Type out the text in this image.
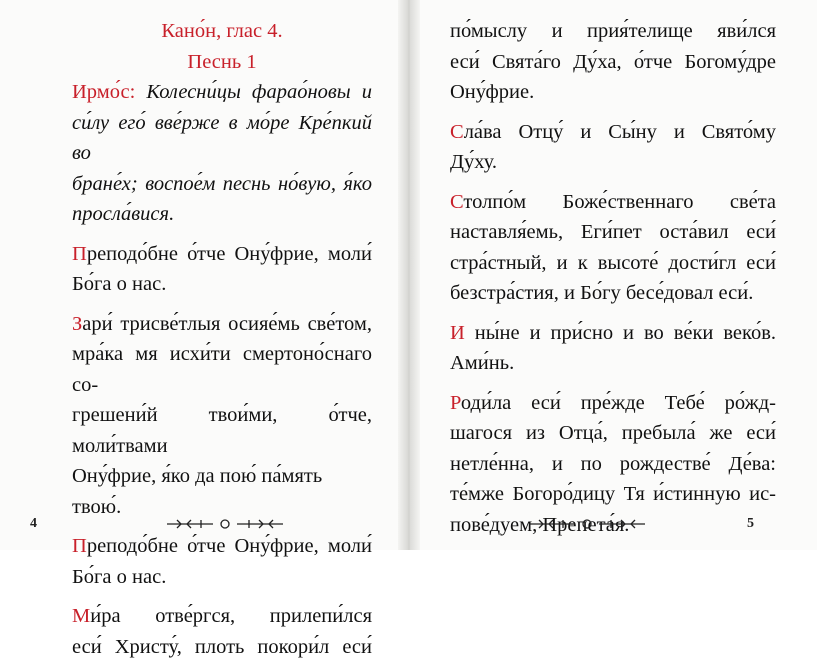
Кано́н, глас 4.
Песнь 1

Ирмо́с: Колесни́цы фарао́новы и
си́лу его́ вве́рже в мо́ре Кре́пкий во
бране́х; воспое́м песнь но́вую, я́ко
просла́вися.

Преподо́бне о́тче Ону́фрие, моли́
Бо́га о нас.

Зари́ трисве́тлыя осияе́мь све́том,
мра́ка мя исхи́ти смертоно́снаго со-
грешени́й твои́ми, о́тче, моли́твами
Ону́фрие, я́ко да пою́ па́мять твою́.

Преподо́бне о́тче Ону́фрие, моли́
Бо́га о нас.

Ми́ра отве́ргся, прилепи́лся
еси́ Христу́, плоть покори́л еси́

4

по́мыслу и прия́телище яви́лся
еси́ Свята́го Ду́ха, о́тче Богому́дре
Ону́фрие.

Сла́ва Отцу́ и Сы́ну и Свято́му
Ду́ху.

Столпо́м Боже́ственнаго све́та
наставля́емь, Еги́пет оста́вил еси́
стра́стный, и к высоте́ дости́гл еси́
безстра́стия, и Бо́гу бесе́довал еси́.

И ны́не и при́сно и во ве́ки веко́в.
Ами́нь.

Роди́ла еси́ пре́жде Тебе́ ро́жд-
шагося из Отца́, пребыла́ же еси́
нетле́нна, и по рождестве́ Де́ва:
те́мже Богоро́дицу Тя и́стинную ис-
пове́дуем, Препета́я.	5
